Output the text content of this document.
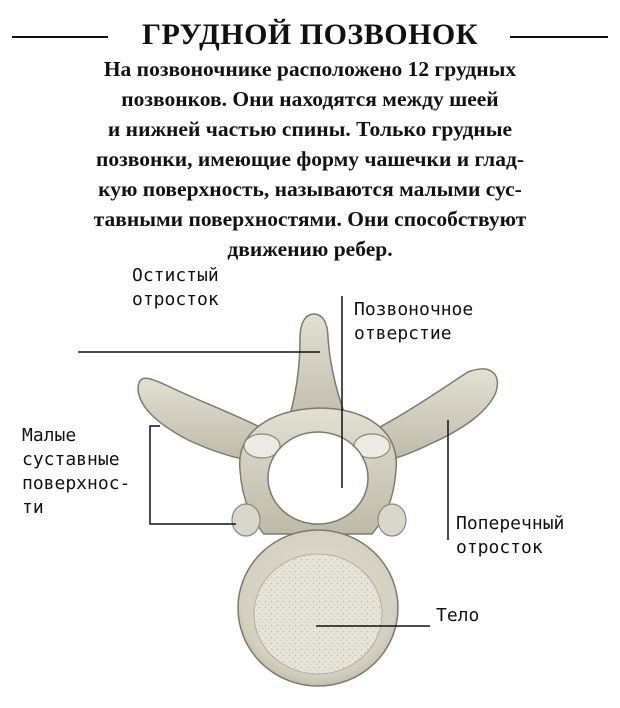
ГРУДНОЙ ПОЗВОНОК

На позвоночнике расположено 12 грудных
позвонков. Они находятся между шеей
и нижней частью спины. Только грудные
позвонки, имеющие форму чашечки и глад-
кую поверхность, называются малыми сус-
тавными поверхностями. Они способствуют
движению ребер.

Остистый
отросток	Позвоночное
отверстие

Малые
суставные
поверхнос-
ти

Поперечный
отросток

Тело
